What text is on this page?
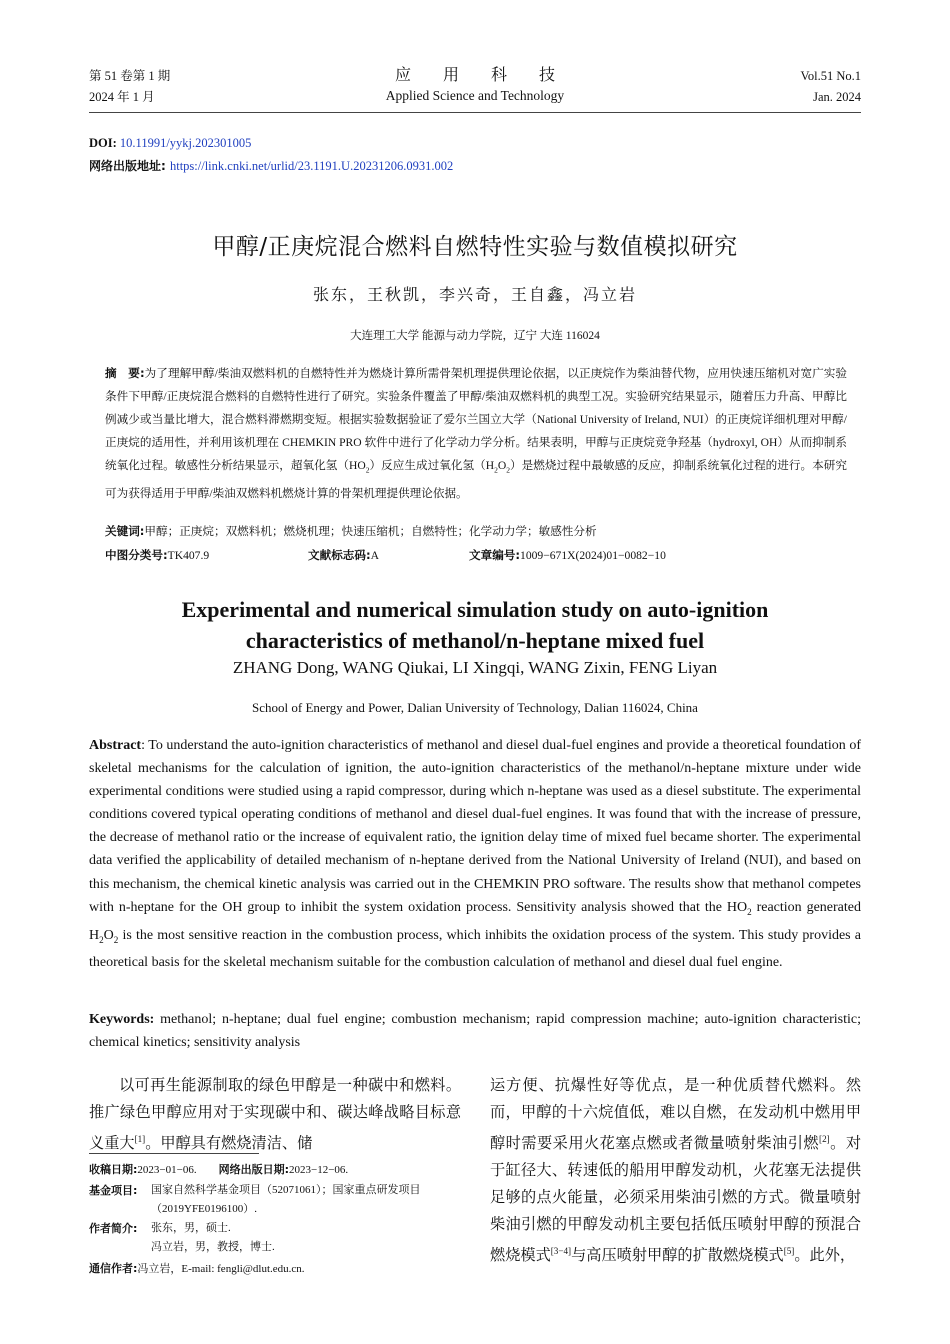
第 51 卷第 1 期
2024 年 1 月
应　　用　　科　　技
Applied Science and Technology
Vol.51 No.1
Jan. 2024
DOI: 10.11991/yykj.202301005
网络出版地址: https://link.cnki.net/urlid/23.1191.U.20231206.0931.002
甲醇/正庚烷混合燃料自燃特性实验与数值模拟研究
张东，王秋凯，李兴奇，王自鑫，冯立岩
大连理工大学 能源与动力学院，辽宁 大连 116024
摘　要:为了理解甲醇/柴油双燃料机的自燃特性并为燃烧计算所需骨架机理提供理论依据，以正庚烷作为柴油替代物，应用快速压缩机对宽广实验条件下甲醇/正庚烷混合燃料的自燃特性进行了研究。实验条件覆盖了甲醇/柴油双燃料机的典型工况。实验研究结果显示，随着压力升高、甲醇比例减少或当量比增大，混合燃料滞燃期变短。根据实验数据验证了爱尔兰国立大学（National University of Ireland, NUI）的正庚烷详细机理对甲醇/正庚烷的适用性，并利用该机理在 CHEMKIN PRO 软件中进行了化学动力学分析。结果表明，甲醇与正庚烷竞争羟基（hydroxyl, OH）从而抑制系统氧化过程。敏感性分析结果显示，超氧化氢$(HO_2)$反应生成过氧化氢$(H_2O_2)$是燃烧过程中最敏感的反应，抑制系统氧化过程的进行。本研究可为获得适用于甲醇/柴油双燃料机燃烧计算的骨架机理提供理论依据。
关键词:甲醇；正庚烷；双燃料机；燃烧机理；快速压缩机；自燃特性；化学动力学；敏感性分析
中图分类号:TK407.9	文献标志码:A	文章编号:1009−671X(2024)01−0082−10
Experimental and numerical simulation study on auto-ignition
characteristics of methanol/n-heptane mixed fuel
ZHANG Dong, WANG Qiukai, LI Xingqi, WANG Zixin, FENG Liyan
School of Energy and Power, Dalian University of Technology, Dalian 116024, China
Abstract: To understand the auto-ignition characteristics of methanol and diesel dual-fuel engines and provide a theoretical foundation of skeletal mechanisms for the calculation of ignition, the auto-ignition characteristics of the methanol/n-heptane mixture under wide experimental conditions were studied using a rapid compressor, during which n-heptane was used as a diesel substitute. The experimental conditions covered typical operating conditions of methanol and diesel dual-fuel engines. It was found that with the increase of pressure, the decrease of methanol ratio or the increase of equivalent ratio, the ignition delay time of mixed fuel became shorter. The experimental data verified the applicability of detailed mechanism of n-heptane derived from the National University of Ireland (NUI), and based on this mechanism, the chemical kinetic analysis was carried out in the CHEMKIN PRO software. The results show that methanol competes with n-heptane for the OH group to inhibit the system oxidation process. Sensitivity analysis showed that the $HO_2$ reaction generated $H_2O_2$ is the most sensitive reaction in the combustion process, which inhibits the oxidation process of the system. This study provides a theoretical basis for the skeletal mechanism suitable for the combustion calculation of methanol and diesel dual fuel engine.
Keywords: methanol; n-heptane; dual fuel engine; combustion mechanism; rapid compression machine; auto-ignition characteristic; chemical kinetics; sensitivity analysis
以可再生能源制取的绿色甲醇是一种碳中和燃料。推广绿色甲醇应用对于实现碳中和、碳达峰战略目标意义重大[1]。甲醇具有燃烧清洁、储
运方便、抗爆性好等优点，是一种优质替代燃料。然而，甲醇的十六烷值低，难以自燃，在发动机中燃用甲醇时需要采用火花塞点燃或者微量喷射柴油引燃[2]。对于缸径大、转速低的船用甲醇发动机，火花塞无法提供足够的点火能量，必须采用柴油引燃的方式。微量喷射柴油引燃的甲醇发动机主要包括低压喷射甲醇的预混合燃烧模式[3−4]与高压喷射甲醇的扩散燃烧模式[5]。此外，
收稿日期:2023−01−06. 网络出版日期:2023−12−06.
基金项目: 国家自然科学基金项目（52071061）；国家重点研发项目（2019YFE0196100）.
作者简介: 张东，男，硕士.
冯立岩，男，教授，博士.
通信作者:冯立岩，E-mail: fengli@dlut.edu.cn.
